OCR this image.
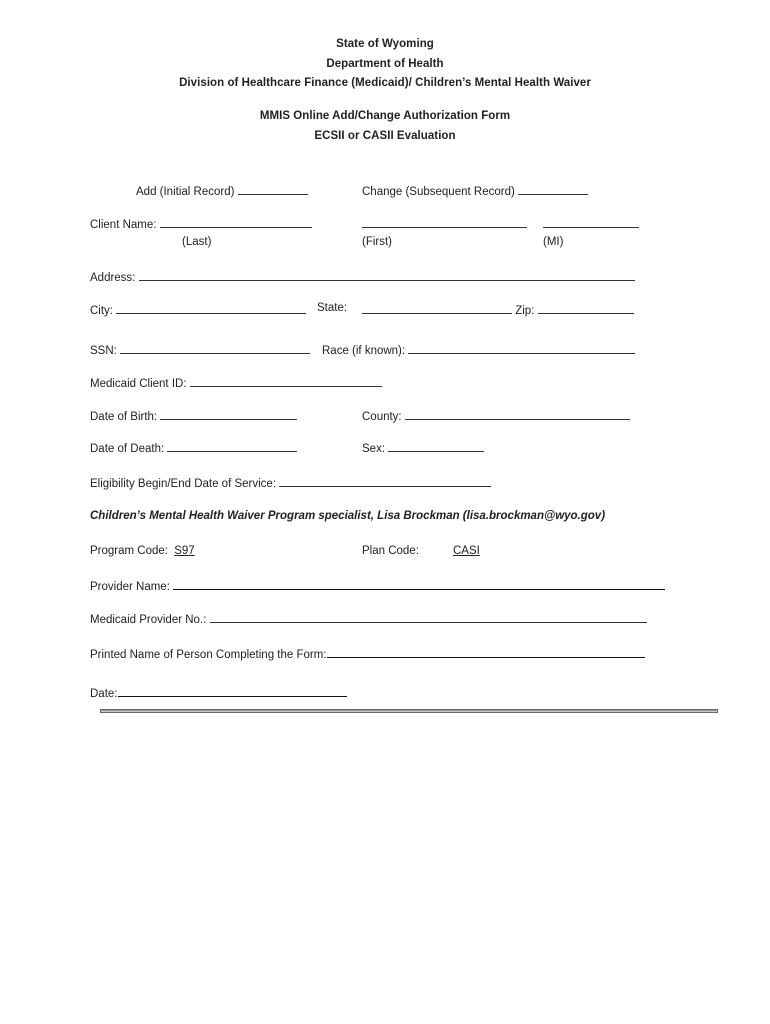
State of Wyoming
Department of Health
Division of Healthcare Finance (Medicaid)/ Children’s Mental Health Waiver
MMIS Online Add/Change Authorization Form
ECSII or CASII Evaluation
Add (Initial Record)	Change (Subsequent Record)
Client Name:
(Last)	(First)	(MI)
Address:
City:	State:	Zip:
SSN:	Race (if known):
Medicaid Client ID:
Date of Birth:	County:
Date of Death:	Sex:
Eligibility Begin/End Date of Service:
Children’s Mental Health Waiver Program specialist, Lisa Brockman (lisa.brockman@wyo.gov)
Program Code: S97	Plan Code:	CASI
Provider Name:
Medicaid Provider No.:
Printed Name of Person Completing the Form:
Date:
